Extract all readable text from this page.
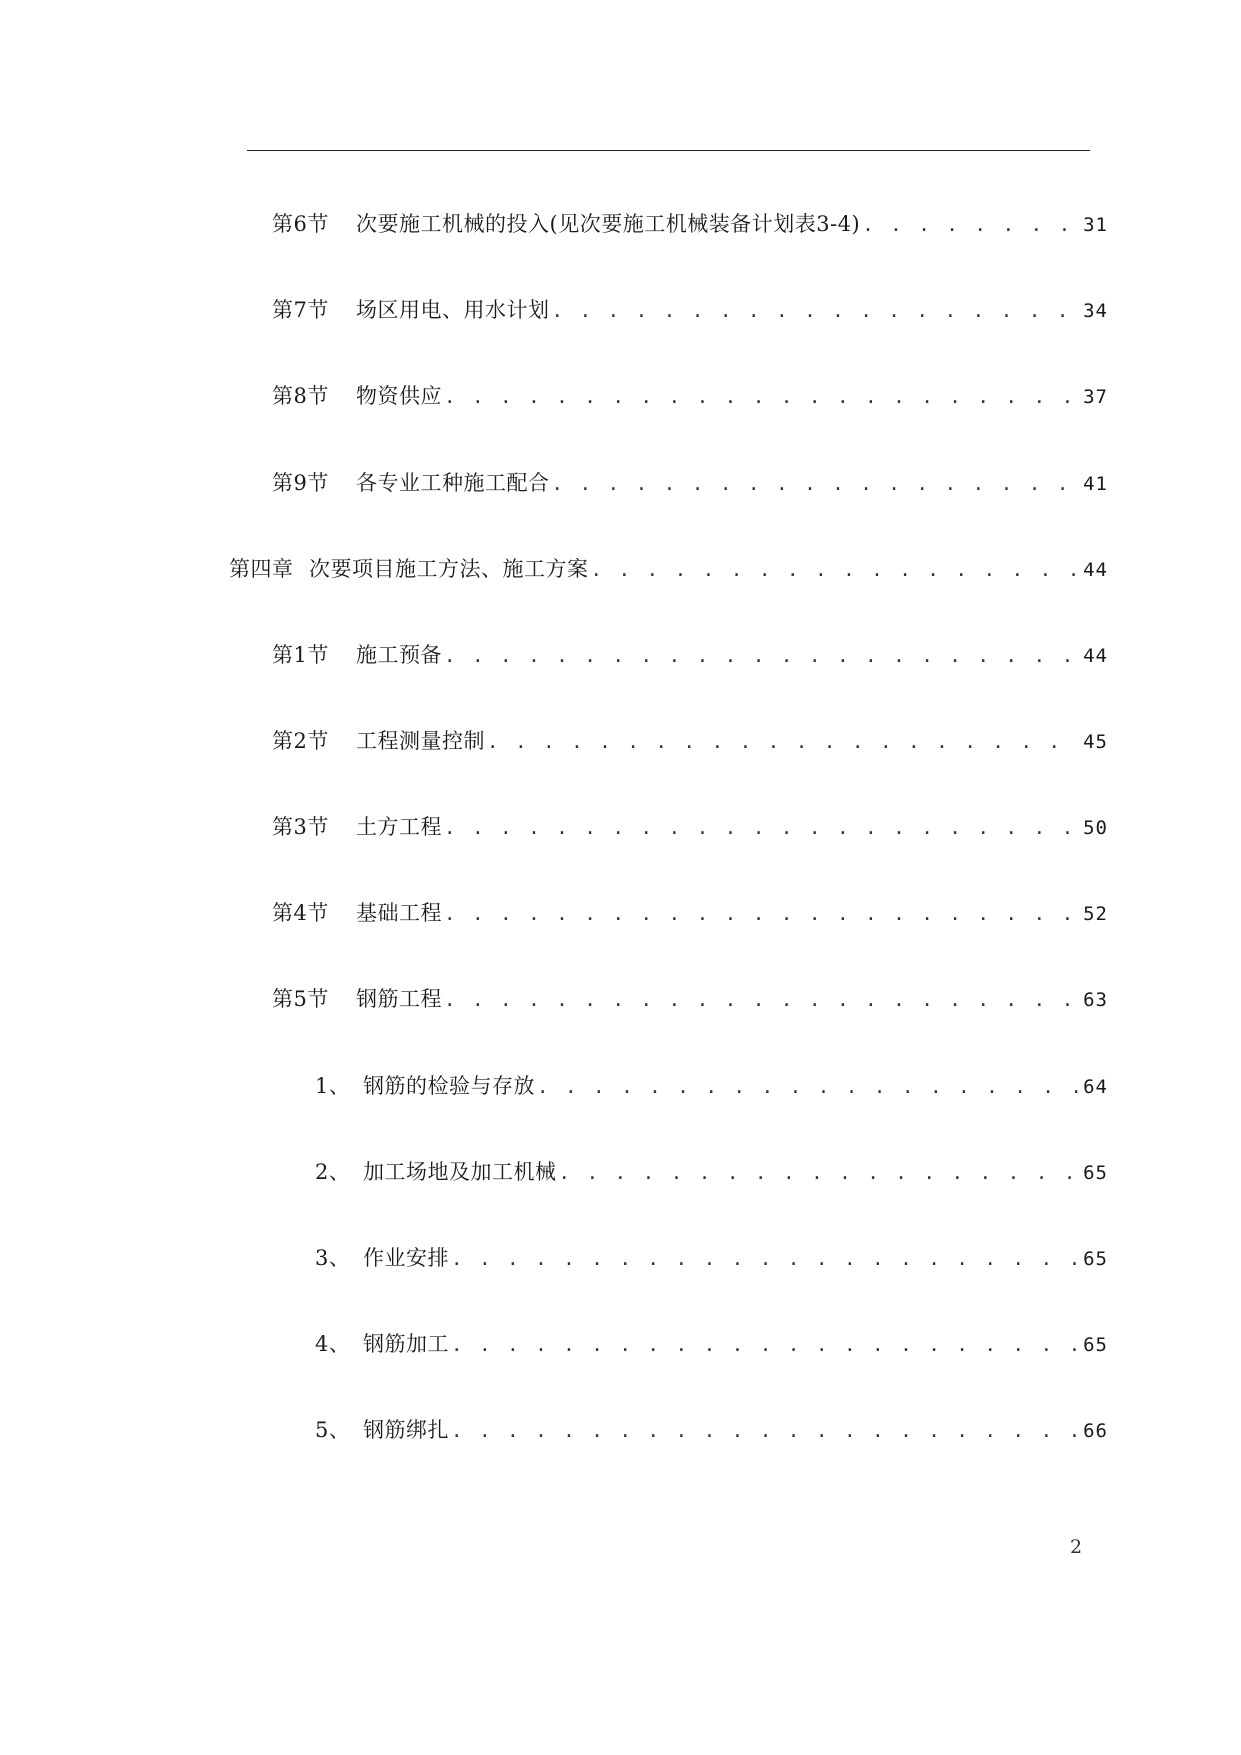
第6节	次要施工机械的投入(见次要施工机械装备计划表3-4) . . .	31
第7节	场区用电、用水计划 . . .	34
第8节	物资供应 . . .	37
第9节	各专业工种施工配合 . . .	41
第四章 次要项目施工方法、施工方案 . . .	44
第1节	施工预备 . . .	44
第2节	工程测量控制 . . .	45
第3节	土方工程 . . .	50
第4节	基础工程 . . .	52
第5节	钢筋工程 . . .	63
1、 钢筋的检验与存放 . . .	64
2、 加工场地及加工机械 . . .	65
3、 作业安排 . . .	65
4、 钢筋加工 . . .	65
5、 钢筋绑扎 . . .	66
2
